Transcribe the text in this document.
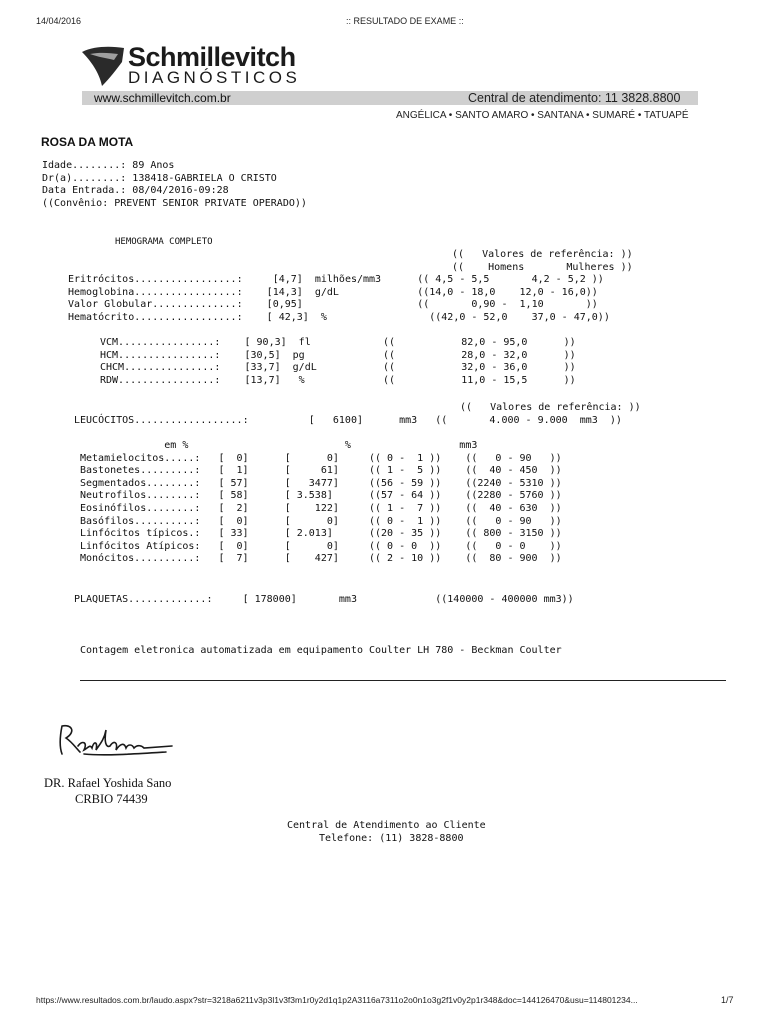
14/04/2016	:: RESULTADO DE EXAME ::
Schmillevitch
DIAGNÓSTICOS
www.schmillevitch.com.br	Central de atendimento: 11 3828.8800
ANGÉLICA • SANTO AMARO • SANTANA • SUMARÉ • TATUAPÉ
ROSA DA MOTA
Idade........: 89 Anos
Dr(a)........: 138418-GABRIELA O CRISTO
Data Entrada.: 08/04/2016-09:28
((Convênio: PREVENT SENIOR PRIVATE OPERADO))
HEMOGRAMA COMPLETO
((   Valores de referência: ))
((    Homens       Mulheres ))
Eritrócitos.................:     [4,7]  milhões/mm3      (( 4,5 - 5,5       4,2 - 5,2 ))
Hemoglobina.................:    [14,3]  g/dL             ((14,0 - 18,0    12,0 - 16,0))
Valor Globular..............:    [0,95]                   ((       0,90 -  1,10       ))
Hematócrito.................:    [ 42,3]  %                 ((42,0 - 52,0    37,0 - 47,0))
VCM................:    [ 90,3]  fl            ((           82,0 - 95,0      ))
HCM................:    [30,5]  pg             ((           28,0 - 32,0      ))
CHCM...............:    [33,7]  g/dL           ((           32,0 - 36,0      ))
RDW................:    [13,7]   %             ((           11,0 - 15,5      ))
((   Valores de referência: ))
LEUCÓCITOS..................:          [   6100]      mm3   ((       4.000 - 9.000  mm3  ))
em %                          %                  mm3
Metamielocitos.....:   [  0]      [      0]     (( 0 -  1 ))    ((   0 - 90   ))
Bastonetes.........:   [  1]      [     61]     (( 1 -  5 ))    ((  40 - 450  ))
Segmentados........:   [ 57]      [   3477]     ((56 - 59 ))    ((2240 - 5310 ))
Neutrofilos........:   [ 58]      [ 3.538]      ((57 - 64 ))    ((2280 - 5760 ))
Eosinófilos........:   [  2]      [    122]     (( 1 -  7 ))    ((  40 - 630  ))
Basófilos..........:   [  0]      [      0]     (( 0 -  1 ))    ((   0 - 90   ))
Linfócitos típicos.:   [ 33]      [ 2.013]      ((20 - 35 ))    (( 800 - 3150 ))
Linfócitos Atípicos:   [  0]      [      0]     (( 0 - 0  ))    ((   0 - 0    ))
Monócitos..........:   [  7]      [    427]     (( 2 - 10 ))    ((  80 - 900  ))
PLAQUETAS.............:     [ 178000]       mm3             ((140000 - 400000 mm3))
Contagem eletronica automatizada em equipamento Coulter LH 780 - Beckman Coulter
DR. Rafael Yoshida Sano
CRBIO 74439
Central de Atendimento ao Cliente
Telefone: (11) 3828-8800
https://www.resultados.com.br/laudo.aspx?str=3218a6211v3p3l1v3f3m1r0y2d1q1p2A3116a7311o2o0n1o3g2f1v0y2p1r348&doc=144126470&usu=114801234...	1/7
